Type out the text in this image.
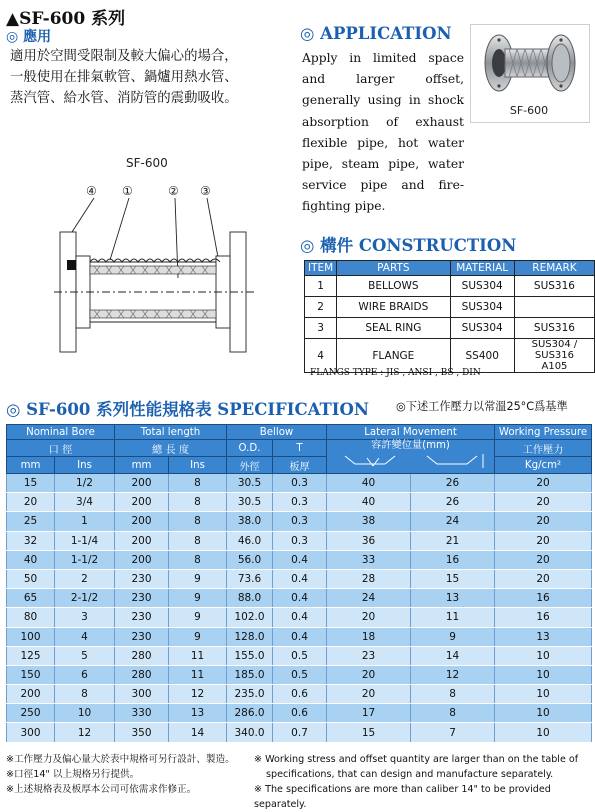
▲SF-600 系列
◎ 應用
適用於空間受限制及較大偏心的場合，
一般使用在排氣軟管、鍋爐用熱水管、
蒸汽管、給水管、消防管的震動吸收。
◎ APPLICATION
Apply in limited space and larger offset, generally using in shock absorption of exhaust flexible pipe, hot water pipe, steam pipe, water service pipe and fire-fighting pipe.
SF-600
SF-600
④ ①	② ③
◎ 構件 CONSTRUCTION
ITEM	PARTS	MATERIAL	REMARK
1	BELLOWS	SUS304	SUS316
2	WIRE BRAIDS	SUS304	
3	SEAL RING	SUS304	SUS316
4	FLANGE	SS400	SUS304 / SUS316
A105
FLANGS TYPE : JIS , ANSI , BS , DIN
◎ SF-600 系列性能規格表 SPECIFICATION ◎下述工作壓力以常溫25°C爲基準
Nominal Bore		Total length		Bellow		Lateral Movement		Working Pressure
口 徑		總 長 度		O.D.	T	容許變位量(mm)		工作壓力
mm	Ins	mm	Ins	外徑	板厚			Kg/cm²
15	1/2	200	8	30.5	0.3	40	26	20
20	3/4	200	8	30.5	0.3	40	26	20
25	1	200	8	38.0	0.3	38	24	20
32	1-1/4	200	8	46.0	0.3	36	21	20
40	1-1/2	200	8	56.0	0.4	33	16	20
50	2	230	9	73.6	0.4	28	15	20
65	2-1/2	230	9	88.0	0.4	24	13	16
80	3	230	9	102.0	0.4	20	11	16
100	4	230	9	128.0	0.4	18	9	13
125	5	280	11	155.0	0.5	23	14	10
150	6	280	11	185.0	0.5	20	12	10
200	8	300	12	235.0	0.6	20	8	10
250	10	330	13	286.0	0.6	17	8	10
300	12	350	14	340.0	0.7	15	7	10
※工作壓力及偏心量大於表中規格可另行設計、製造。
※口徑14" 以上規格另行提供。
※上述規格表及板厚本公司可依需求作修正。
※ Working stress and offset quantity are larger than on the table of
specifications, that can design and manufacture separately.
※ The specifications are more than caliber 14" to be provided separately.
